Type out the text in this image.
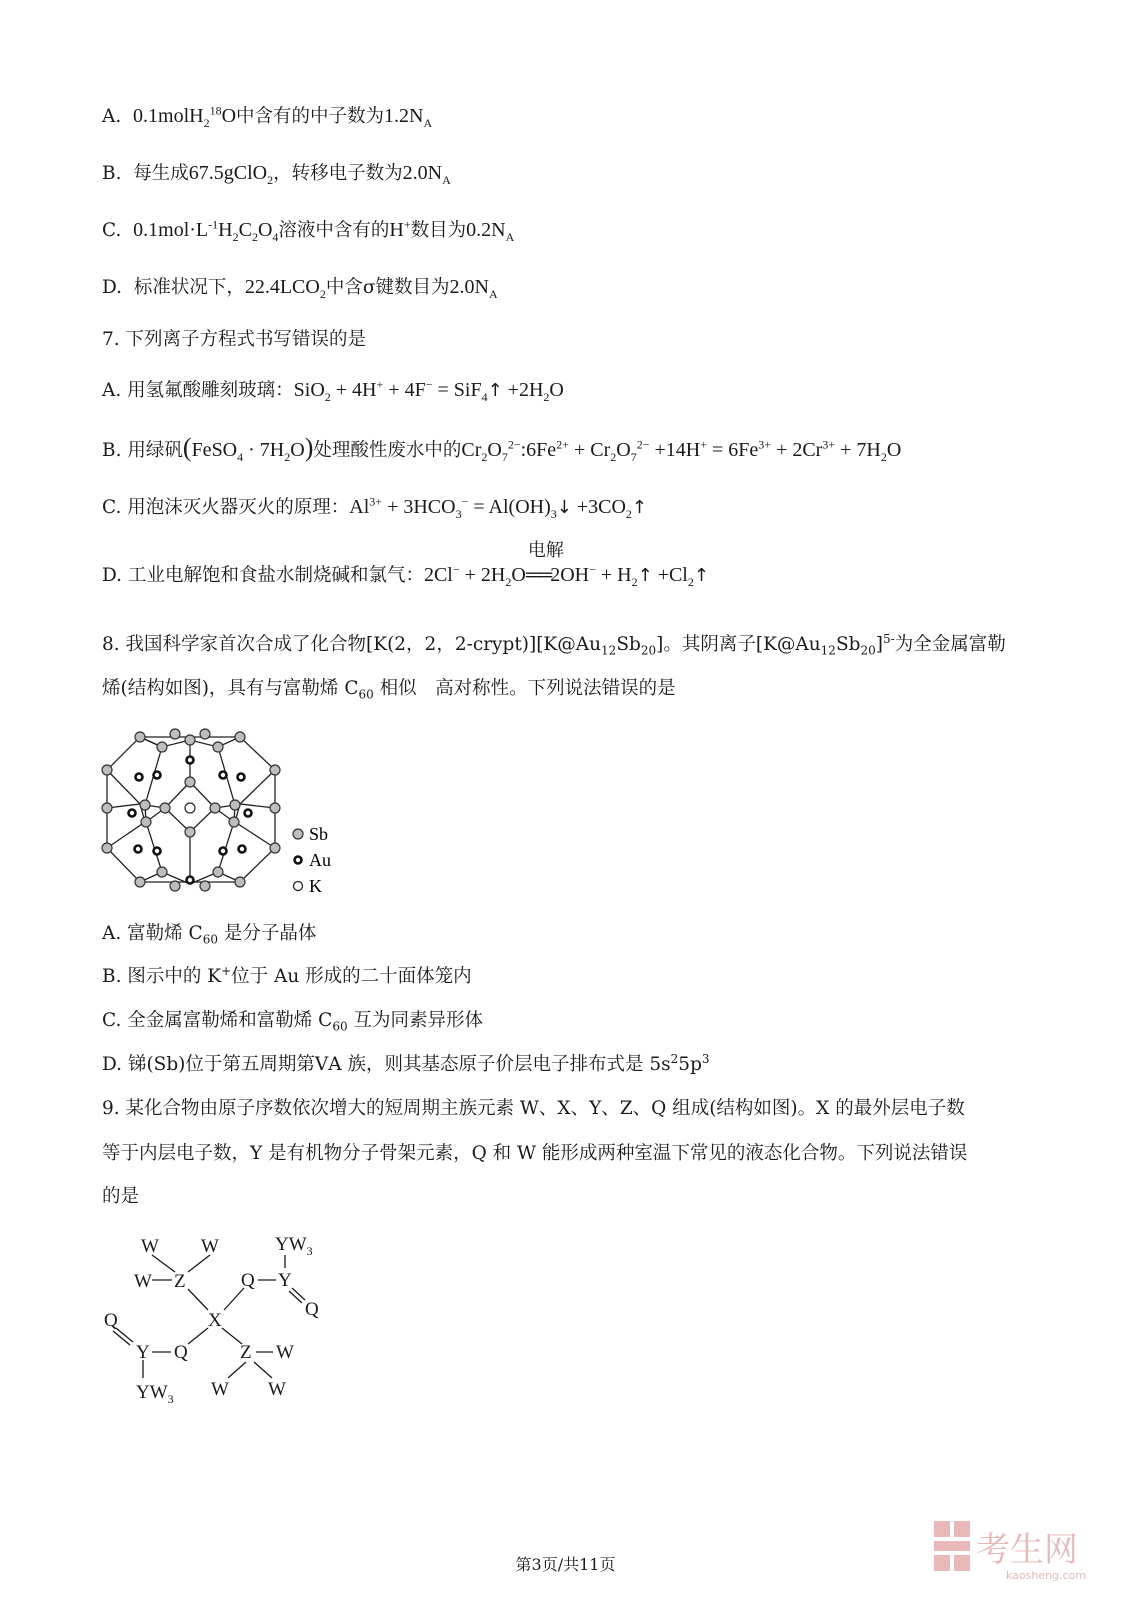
A. 0.1molH$_2^{18}$O中含有的中子数为$1.2N_A$
B. 每生成67.5gClO$_2$，转移电子数为$2.0N_A$
C. $0.1mol\cdot L^{-1}H_2C_2O_4$溶液中含有的H+数目为$0.2N_A$
D. 标准状况下，$22.4LCO_2$中含σ键数目为$2.0N_A$
7. 下列离子方程式书写错误的是
A. 用氢氟酸雕刻玻璃：SiO$_2$ + 4H+ + 4F− = SiF$_4$↑ $+2H_2O$
B. 用绿矾(FeSO$_4$ · $7H_2O$)处理酸性废水中的$Cr_2O_7^{2-}:6Fe^{2+} + Cr_2O_7^{2-} +14H^+ = 6Fe^{3+} + 2Cr^{3+} + 7H_2O$
C. 用泡沫灭火器灭火的原理：$Al^{3+} + 3HCO_3^-$ = $Al(OH)_3↓$ $+3CO_2↑$
D. 工业电解饱和食盐水制烧碱和氯气：$2Cl^- + 2H_2O$
电解
══2OH− + $H_2↑$ $+Cl_2↑$
8. 我国科学家首次合成了化合物[K(2，2，$2-crypt)][K@Au_{12}Sb_{20}]$。其阴离子$[K@Au_{12}Sb_{20}]^{5-}$为全金属富勒
烯(结构如图)，具有与富勒烯 $C_{60}$ 相似　高对称性。下列说法错误的是
Sb
Au
K
A. 富勒烯 $C_{60}$ 是分子晶体
B. 图示中的 K+位于 Au 形成的二十面体笼内
C. 全金属富勒烯和富勒烯 $C_{60}$ 互为同素异形体
D. 锑(Sb)位于第五周期第ⅤA 族，则其基态原子价层电子排布式是 $5s^25p^3$
9. 某化合物由原子序数依次增大的短周期主族元素 W、X、Y、Z、Q 组成(结构如图)。X 的最外层电子数
等于内层电子数，Y 是有机物分子骨架元素，Q 和 W 能形成两种室温下常见的液态化合物。下列说法错误
的是
W W	$YW_3$
W Z	Q Y
Q
X
Q
Y Q	Z W
W W
$YW_3$
第3页/共11页	考生网
kaosheng.com
